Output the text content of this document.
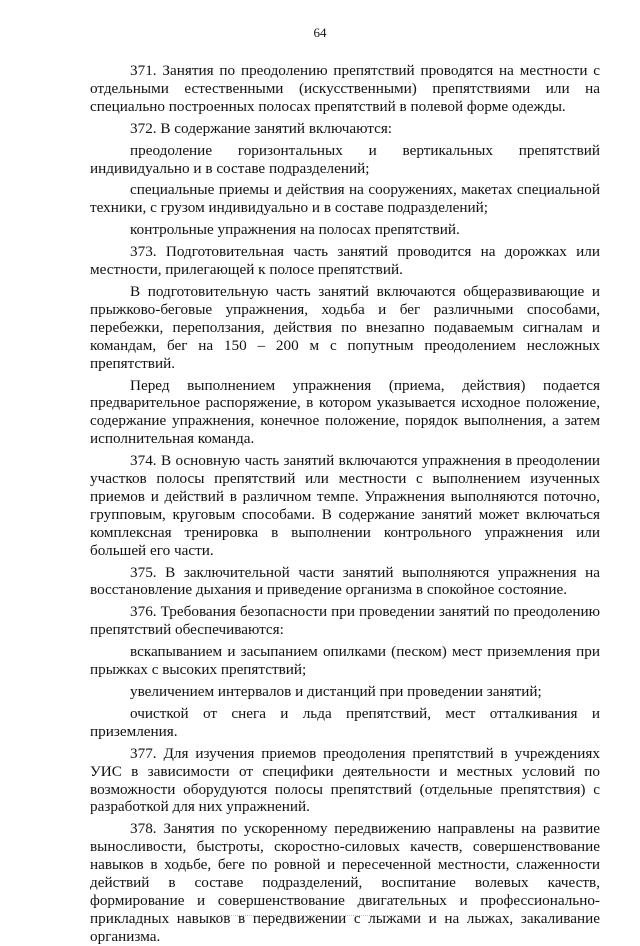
64

371. Занятия по преодолению препятствий проводятся на местности с отдельными естественными (искусственными) препятствиями или на специально построенных полосах препятствий в полевой форме одежды.

372. В содержание занятий включаются:

преодоление горизонтальных и вертикальных препятствий индивидуально и в составе подразделений;

специальные приемы и действия на сооружениях, макетах специальной техники, с грузом индивидуально и в составе подразделений;

контрольные упражнения на полосах препятствий.

373. Подготовительная часть занятий проводится на дорожках или местности, прилегающей к полосе препятствий.

В подготовительную часть занятий включаются общеразвивающие и прыжково-беговые упражнения, ходьба и бег различными способами, перебежки, переползания, действия по внезапно подаваемым сигналам и командам, бег на 150 – 200 м с попутным преодолением несложных препятствий.

Перед выполнением упражнения (приема, действия) подается предварительное распоряжение, в котором указывается исходное положение, содержание упражнения, конечное положение, порядок выполнения, а затем исполнительная команда.

374. В основную часть занятий включаются упражнения в преодолении участков полосы препятствий или местности с выполнением изученных приемов и действий в различном темпе. Упражнения выполняются поточно, групповым, круговым способами. В содержание занятий может включаться комплексная тренировка в выполнении контрольного упражнения или большей его части.

375. В заключительной части занятий выполняются упражнения на восстановление дыхания и приведение организма в спокойное состояние.

376. Требования безопасности при проведении занятий по преодолению препятствий обеспечиваются:

вскапыванием и засыпанием опилками (песком) мест приземления при прыжках с высоких препятствий;

увеличением интервалов и дистанций при проведении занятий;

очисткой от снега и льда препятствий, мест отталкивания и приземления.

377. Для изучения приемов преодоления препятствий в учреждениях УИС в зависимости от специфики деятельности и местных условий по возможности оборудуются полосы препятствий (отдельные препятствия) с разработкой для них упражнений.

378. Занятия по ускоренному передвижению направлены на развитие выносливости, быстроты, скоростно-силовых качеств, совершенствование навыков в ходьбе, беге по ровной и пересеченной местности, слаженности действий в составе подразделений, воспитание волевых качеств, формирование и совершенствование двигательных и профессионально-прикладных навыков в передвижении с лыжами и на лыжах, закаливание организма.
